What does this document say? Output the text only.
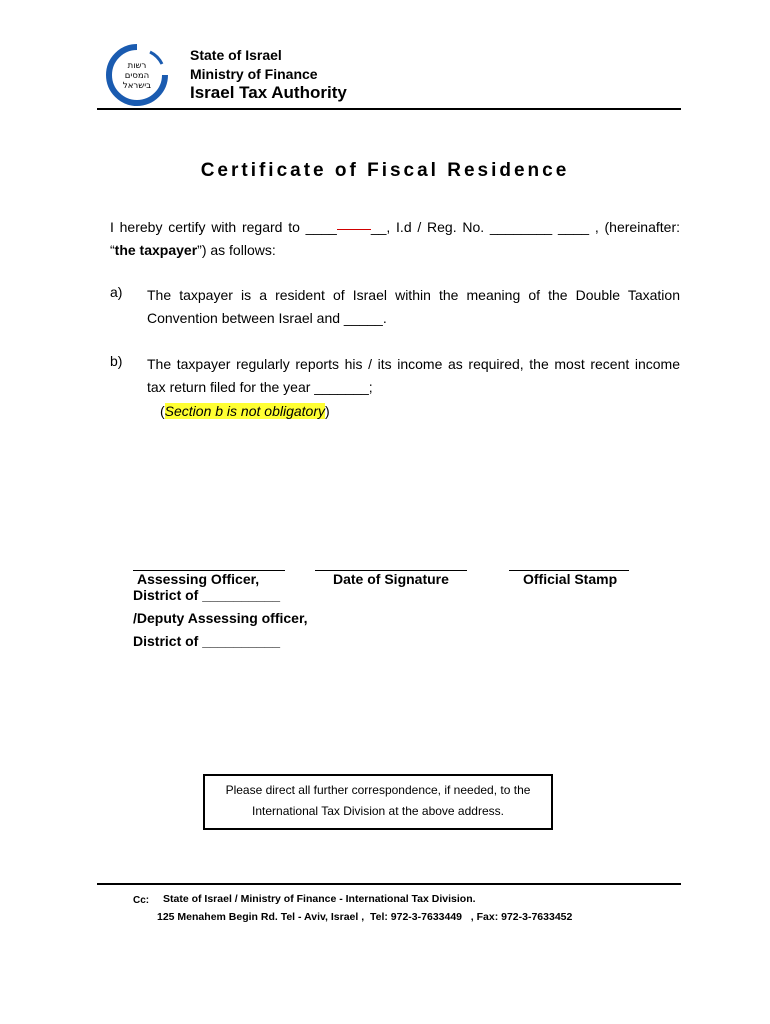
רשות
המסים
בישראל
State of Israel
Ministry of Finance
Israel Tax Authority
Certificate of Fiscal Residence
I hereby certify with regard to ____ __, I.d / Reg. No. ________ ____ , (hereinafter:
“the taxpayer”) as follows:
a) The taxpayer is a resident of Israel within the meaning of the Double Taxation
Convention between Israel and _____.
b) The taxpayer regularly reports his / its income as required, the most recent income
tax return filed for the year _______;
(Section b is not obligatory)
Assessing Officer,	Date of Signature	Official Stamp
District of __________
/Deputy Assessing officer,
District of __________
Please direct all further correspondence, if needed, to the
International Tax Division at the above address.
Cc: State of Israel / Ministry of Finance - International Tax Division.
125 Menahem Begin Rd. Tel - Aviv, Israel ,  Tel: 972-3-7633449   , Fax: 972-3-7633452
